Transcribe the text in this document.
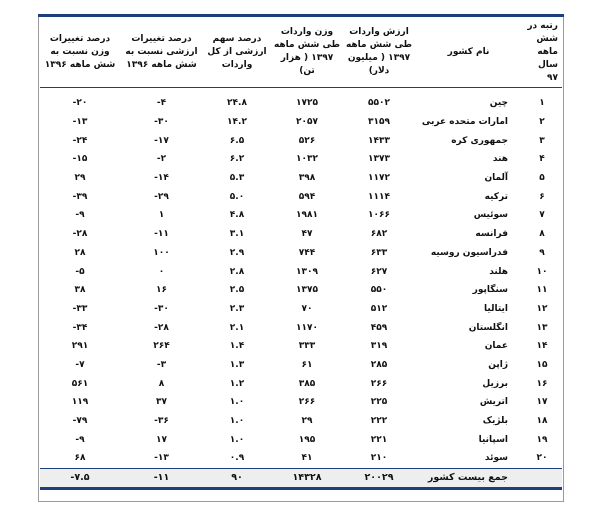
رتبه در شش ماهه سال ۹۷	نام کشور	ارزش واردات طی شش ماهه ۱۳۹۷ ( میلیون دلار)	وزن واردات طی شش ماهه ۱۳۹۷ ( هزار تن)	درصد سهم ارزشی از کل واردات	درصد تغییرات ارزشی نسبت به شش ماهه ۱۳۹۶	درصد تغییرات وزن نسبت به شش ماهه ۱۳۹۶
۱	چین	۵۵۰۲	۱۷۲۵	۲۴.۸	-۴	-۲۰
۲	امارات متحده عربی	۳۱۵۹	۲۰۵۷	۱۴.۲	-۳۰	-۱۳
۳	جمهوری کره	۱۴۳۳	۵۲۶	۶.۵	-۱۷	-۲۴
۴	هند	۱۳۷۳	۱۰۳۲	۶.۲	-۲	-۱۵
۵	آلمان	۱۱۷۲	۳۹۸	۵.۳	-۱۴	۲۹
۶	ترکیه	۱۱۱۴	۵۹۴	۵.۰	-۲۹	-۳۹
۷	سوئیس	۱۰۶۶	۱۹۸۱	۴.۸	۱	-۹
۸	فرانسه	۶۸۲	۴۷	۳.۱	-۱۱	-۲۸
۹	فدراسیون روسیه	۶۳۳	۷۴۴	۲.۹	۱۰۰	۲۸
۱۰	هلند	۶۲۷	۱۳۰۹	۲.۸	۰	-۵
۱۱	سنگاپور	۵۵۰	۱۳۷۵	۲.۵	۱۶	۳۸
۱۲	ایتالیا	۵۱۲	۷۰	۲.۳	-۳۰	-۳۳
۱۳	انگلستان	۴۵۹	۱۱۷۰	۲.۱	-۲۸	-۳۴
۱۴	عمان	۳۱۹	۳۳۳	۱.۴	۲۶۴	۲۹۱
۱۵	ژاپن	۲۸۵	۶۱	۱.۳	-۳	-۷
۱۶	برزیل	۲۶۶	۳۸۵	۱.۲	۸	۵۶۱
۱۷	اتریش	۲۲۵	۲۶۶	۱.۰	۳۷	۱۱۹
۱۸	بلژیک	۲۲۲	۲۹	۱.۰	-۳۶	-۷۹
۱۹	اسپانیا	۲۲۱	۱۹۵	۱.۰	۱۷	-۹
۲۰	سوئد	۲۱۰	۴۱	۰.۹	-۱۳	۶۸
	جمع بیست کشور	۲۰۰۲۹	۱۴۳۲۸	۹۰	-۱۱	-۷.۵
